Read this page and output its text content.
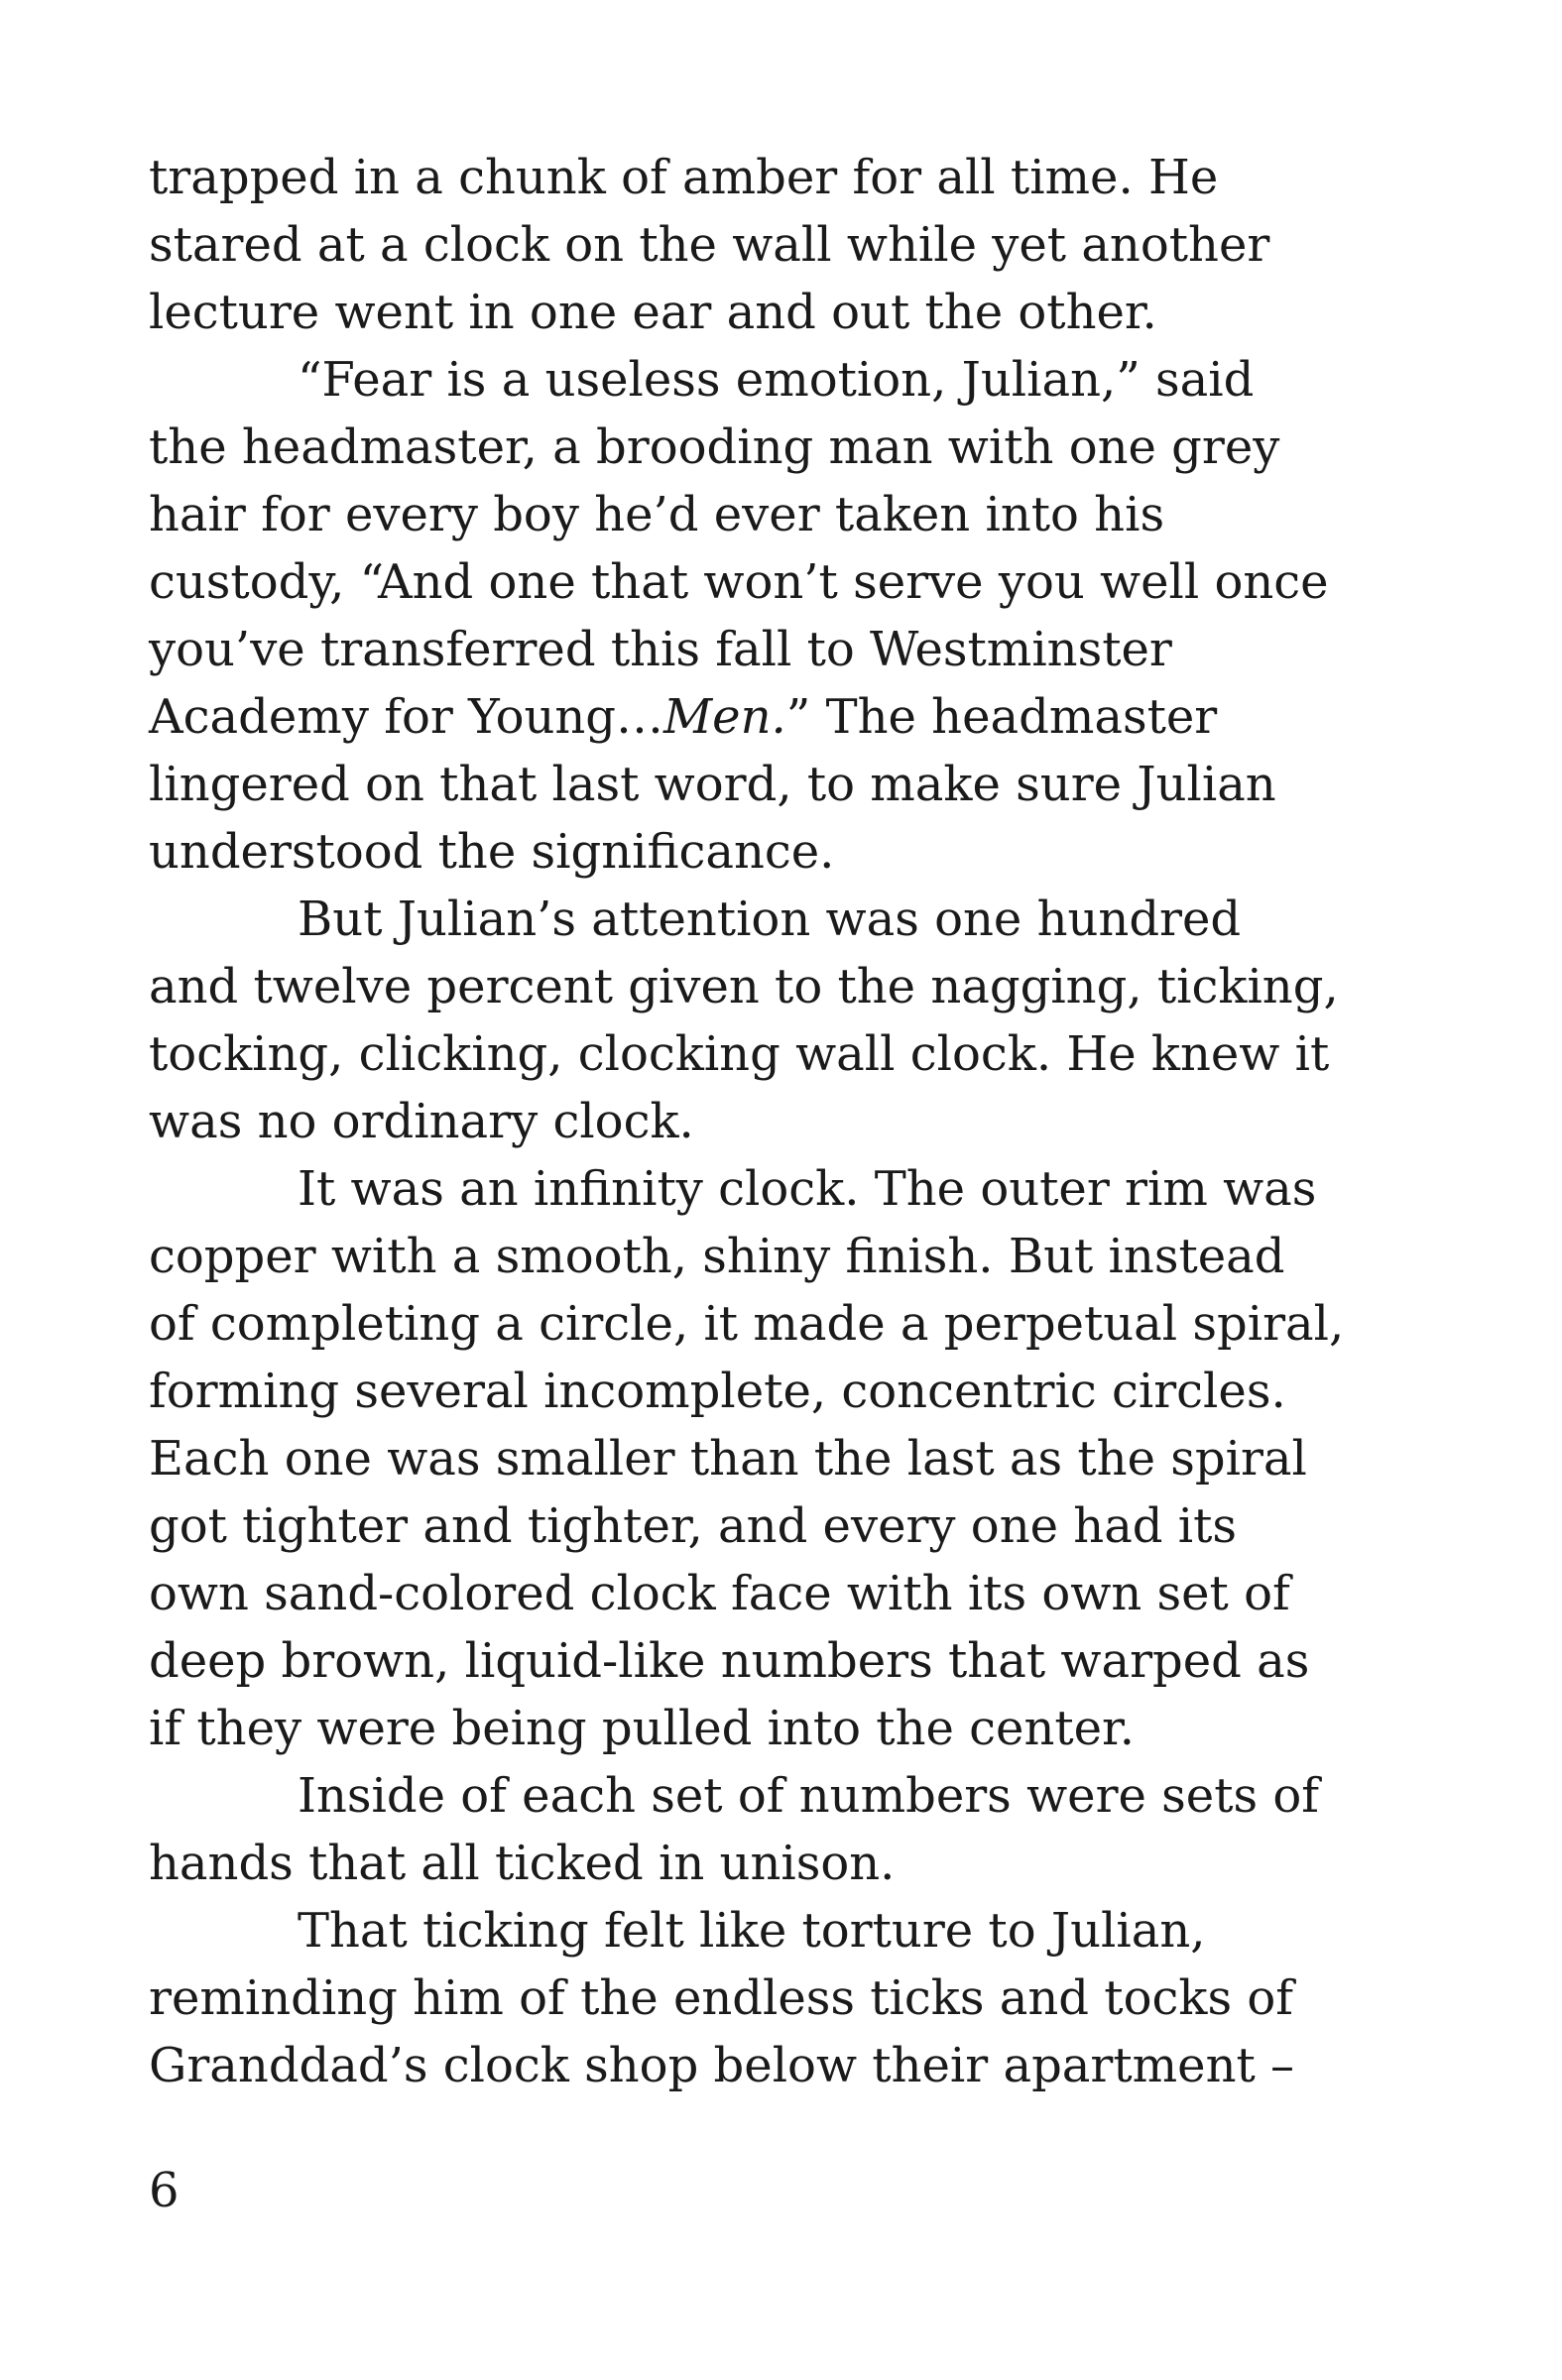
trapped in a chunk of amber for all time. He
stared at a clock on the wall while yet another
lecture went in one ear and out the other.
“Fear is a useless emotion, Julian,” said
the headmaster, a brooding man with one grey
hair for every boy he’d ever taken into his
custody, “And one that won’t serve you well once
you’ve transferred this fall to Westminster
Academy for Young…Men.” The headmaster
lingered on that last word, to make sure Julian
understood the significance.
But Julian’s attention was one hundred
and twelve percent given to the nagging, ticking,
tocking, clicking, clocking wall clock. He knew it
was no ordinary clock.
It was an infinity clock. The outer rim was
copper with a smooth, shiny finish. But instead
of completing a circle, it made a perpetual spiral,
forming several incomplete, concentric circles.
Each one was smaller than the last as the spiral
got tighter and tighter, and every one had its
own sand-colored clock face with its own set of
deep brown, liquid-like numbers that warped as
if they were being pulled into the center.
Inside of each set of numbers were sets of
hands that all ticked in unison.
That ticking felt like torture to Julian,
reminding him of the endless ticks and tocks of
Granddad’s clock shop below their apartment –
6
